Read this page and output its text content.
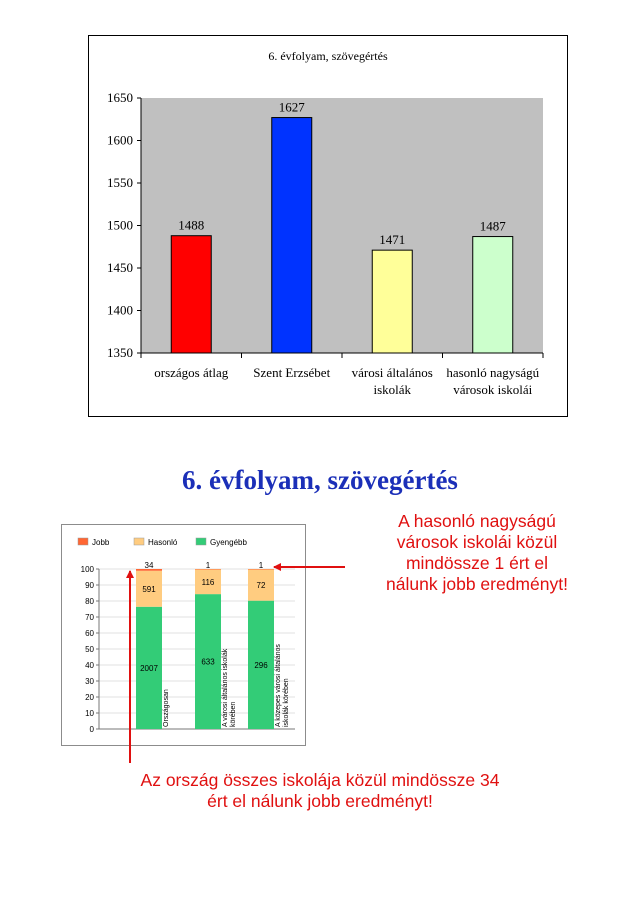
6. évfolyam, szövegértés
1350
1400
1450
1500
1550
1600
1650
1488
országos átlag
1627
Szent Erzsébet
1471
városi általános
iskolák
1487
hasonló nagyságú
városok iskolái
6. évfolyam, szövegértés
Jobb	Hasonló	Gyengébb
0
10
20
30
40
50
60
70
80
90
100
2007
591
34
Országosan
633
116
1
A városi általános iskolák körében
296
72
1
A közepes városi általános iskolák körében
A hasonló nagyságú
városok iskolái közül
mindössze 1 ért el
nálunk jobb eredményt!
Az ország összes iskolája közül mindössze 34
ért el nálunk jobb eredményt!
